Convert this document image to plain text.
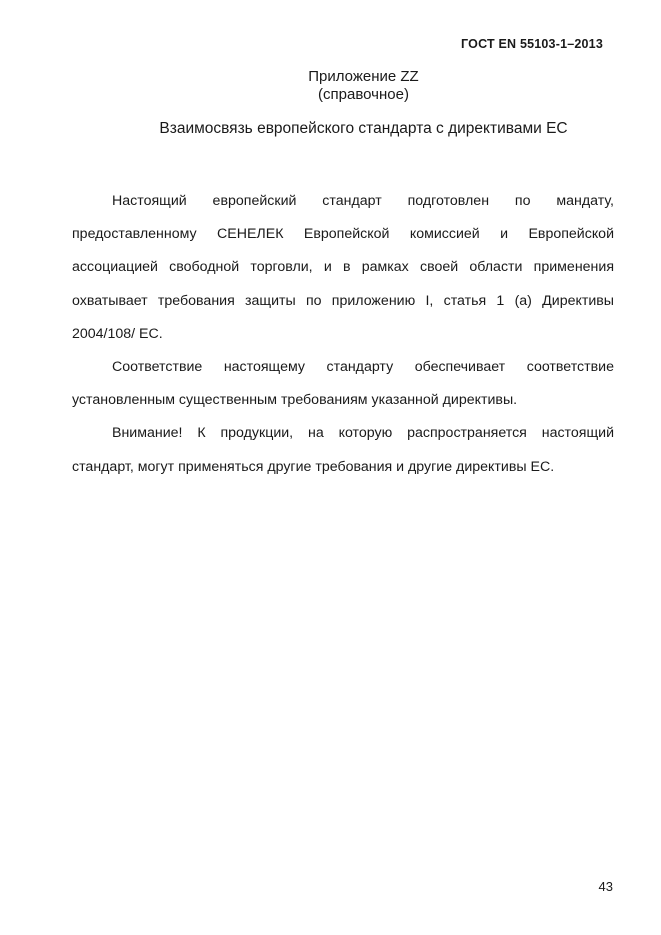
ГОСТ EN 55103-1–2013
Приложение ZZ
(справочное)
Взаимосвязь европейского стандарта с директивами ЕС

Настоящий европейский стандарт подготовлен по мандату, предоставленному СЕНЕЛЕК Европейской комиссией и Европейской ассоциацией свободной торговли, и в рамках своей области применения охватывает требования защиты по приложению I, статья 1 (а) Директивы 2004/108/ ЕС.

Соответствие настоящему стандарту обеспечивает соответствие установленным существенным требованиям указанной директивы.

Внимание! К продукции, на которую распространяется настоящий стандарт, могут применяться другие требования и другие директивы ЕС.

43
